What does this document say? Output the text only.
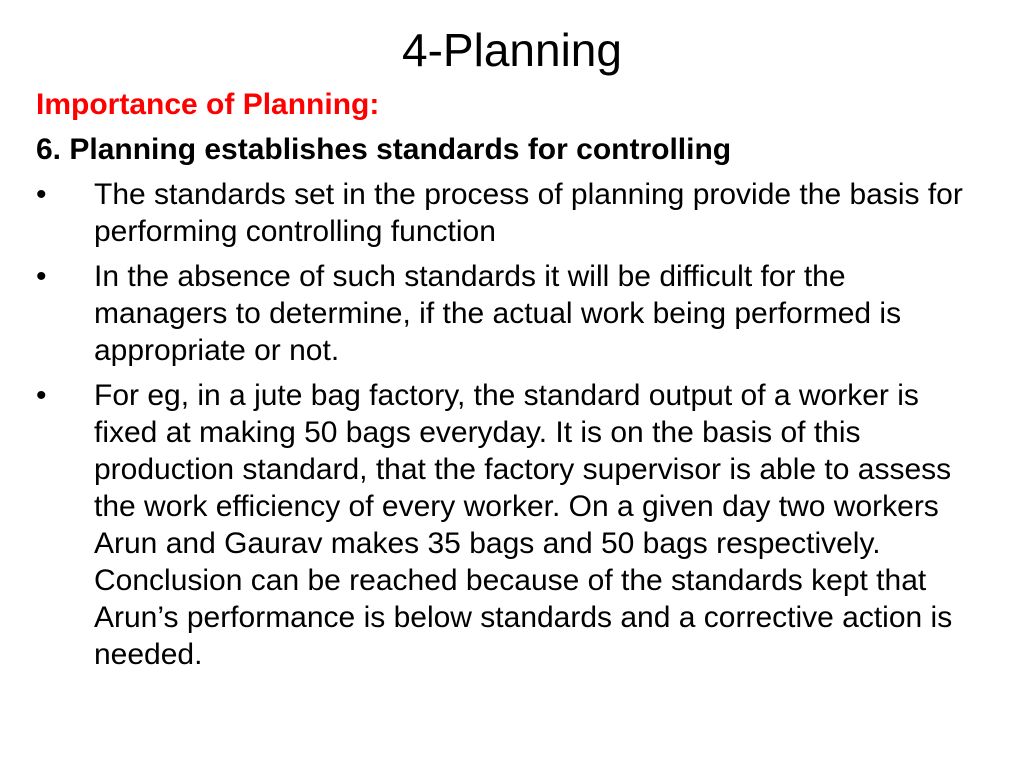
4-Planning
Importance of Planning:
6. Planning establishes standards for controlling
•	The standards set in the process of planning provide the basis for performing controlling function
•	In the absence of such standards it will be difficult for the managers to determine, if the actual work being performed is appropriate or not.
•	For eg, in a jute bag factory, the standard output of a worker is fixed at making 50 bags everyday. It is on the basis of this production standard, that the factory supervisor is able to assess the work efficiency of every worker. On a given day two workers Arun and Gaurav makes 35 bags and 50 bags respectively. Conclusion can be reached because of the standards kept that Arun’s performance is below standards and a corrective action is needed.
